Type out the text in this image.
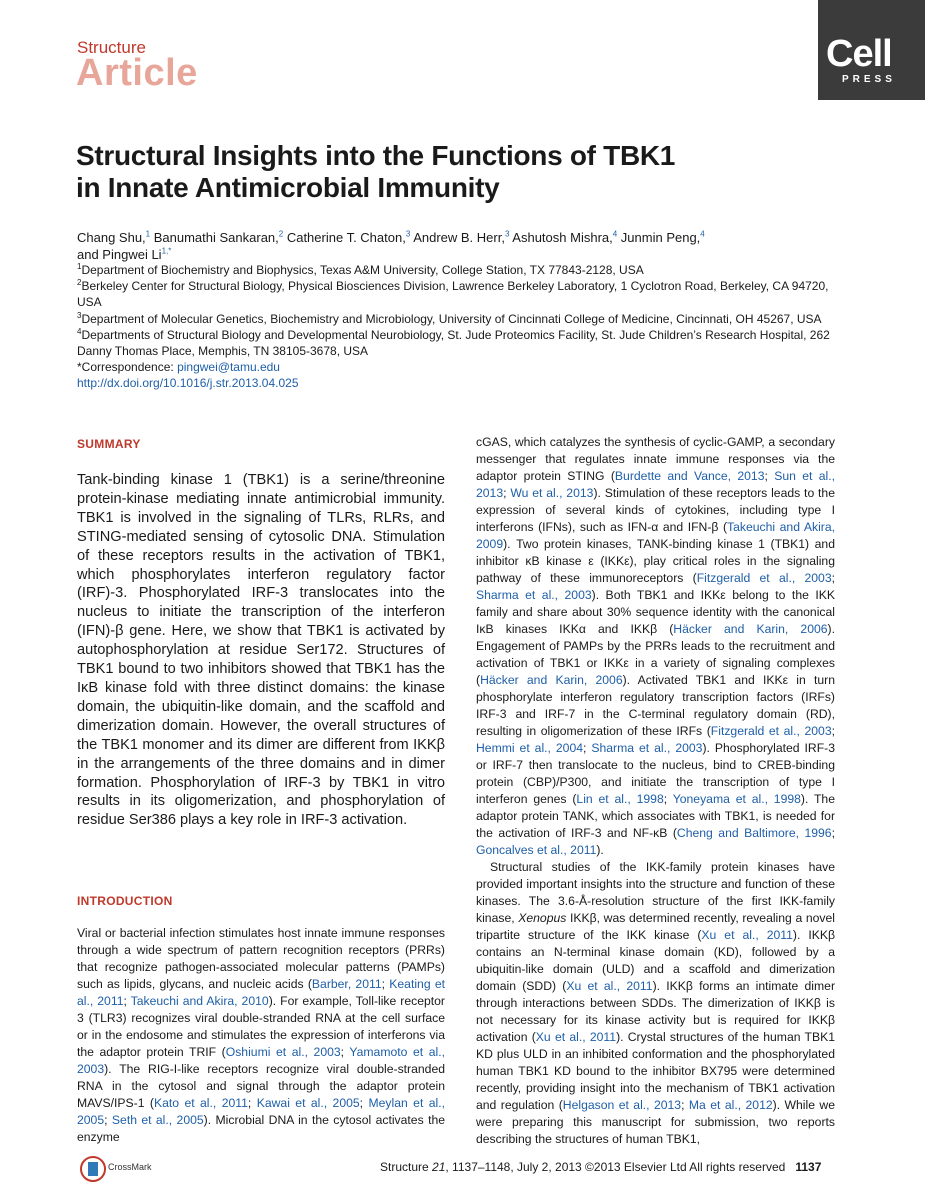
Structure
Article	Cell
PRESS
Structural Insights into the Functions of TBK1
in Innate Antimicrobial Immunity
Chang Shu,$^1$ Banumathi Sankaran,$^2$ Catherine T. Chaton,$^3$ Andrew B. Herr,$^3$ Ashutosh Mishra,$^4$ Junmin Peng,$^4$
and Pingwei $Li^{1,*}$

$^1$Department of Biochemistry and Biophysics, Texas A&M University, College Station, TX 77843-2128, USA

$^2$Berkeley Center for Structural Biology, Physical Biosciences Division, Lawrence Berkeley Laboratory, 1 Cyclotron Road, Berkeley, CA 94720, USA

$^3$Department of Molecular Genetics, Biochemistry and Microbiology, University of Cincinnati College of Medicine, Cincinnati, OH 45267, USA

$^4$Departments of Structural Biology and Developmental Neurobiology, St. Jude Proteomics Facility, St. Jude Children’s Research Hospital, 262 Danny Thomas Place, Memphis, TN 38105-3678, USA

*Correspondence: pingwei@tamu.edu

http://dx.doi.org/10.1016/j.str.2013.04.025

SUMMARY
Tank-binding kinase 1 (TBK1) is a serine/threonine protein-kinase mediating innate antimicrobial immunity. TBK1 is involved in the signaling of TLRs, RLRs, and STING-mediated sensing of cytosolic DNA. Stimulation of these receptors results in the activation of TBK1, which phosphorylates interferon regulatory factor (IRF)-3. Phosphorylated IRF-3 translocates into the nucleus to initiate the transcription of the interferon (IFN)-β gene. Here, we show that TBK1 is activated by autophosphorylation at residue Ser172. Structures of TBK1 bound to two inhibitors showed that TBK1 has the IκB kinase fold with three distinct domains: the kinase domain, the ubiquitin-like domain, and the scaffold and dimerization domain. However, the overall structures of the TBK1 monomer and its dimer are different from IKKβ in the arrangements of the three domains and in dimer formation. Phosphorylation of IRF-3 by TBK1 in vitro results in its oligomerization, and phosphorylation of residue Ser386 plays a key role in IRF-3 activation.
INTRODUCTION
Viral or bacterial infection stimulates host innate immune responses through a wide spectrum of pattern recognition receptors (PRRs) that recognize pathogen-associated molecular patterns (PAMPs) such as lipids, glycans, and nucleic acids (Barber, 2011; Keating et al., 2011; Takeuchi and Akira, 2010). For example, Toll-like receptor 3 (TLR3) recognizes viral double-stranded RNA at the cell surface or in the endosome and stimulates the expression of interferons via the adaptor protein TRIF (Oshiumi et al., 2003; Yamamoto et al., 2003). The RIG-I-like receptors recognize viral double-stranded RNA in the cytosol and signal through the adaptor protein MAVS/IPS-1 (Kato et al., 2011; Kawai et al., 2005; Meylan et al., 2005; Seth et al., 2005). Microbial DNA in the cytosol activates the enzyme

cGAS, which catalyzes the synthesis of cyclic-GAMP, a secondary messenger that regulates innate immune responses via the adaptor protein STING (Burdette and Vance, 2013; Sun et al., 2013; Wu et al., 2013). Stimulation of these receptors leads to the expression of several kinds of cytokines, including type I interferons (IFNs), such as IFN-α and IFN-β (Takeuchi and Akira, 2009). Two protein kinases, TANK-binding kinase 1 (TBK1) and inhibitor κB kinase ε (IKKε), play critical roles in the signaling pathway of these immunoreceptors (Fitzgerald et al., 2003; Sharma et al., 2003). Both TBK1 and IKKε belong to the IKK family and share about 30% sequence identity with the canonical IκB kinases IKKα and IKKβ (Häcker and Karin, 2006). Engagement of PAMPs by the PRRs leads to the recruitment and activation of TBK1 or IKKε in a variety of signaling complexes (Häcker and Karin, 2006). Activated TBK1 and IKKε in turn phosphorylate interferon regulatory transcription factors (IRFs) IRF-3 and IRF-7 in the C-terminal regulatory domain (RD), resulting in oligomerization of these IRFs (Fitzgerald et al., 2003; Hemmi et al., 2004; Sharma et al., 2003). Phosphorylated IRF-3 or IRF-7 then translocate to the nucleus, bind to CREB-binding protein (CBP)/P300, and initiate the transcription of type I interferon genes (Lin et al., 1998; Yoneyama et al., 1998). The adaptor protein TANK, which associates with TBK1, is needed for the activation of IRF-3 and NF-κB (Cheng and Baltimore, 1996; Goncalves et al., 2011).

Structural studies of the IKK-family protein kinases have provided important insights into the structure and function of these kinases. The 3.6-Å-resolution structure of the first IKK-family kinase, Xenopus IKKβ, was determined recently, revealing a novel tripartite structure of the IKK kinase (Xu et al., 2011). IKKβ contains an N-terminal kinase domain (KD), followed by a ubiquitin-like domain (ULD) and a scaffold and dimerization domain (SDD) (Xu et al., 2011). IKKβ forms an intimate dimer through interactions between SDDs. The dimerization of IKKβ is not necessary for its kinase activity but is required for IKKβ activation (Xu et al., 2011). Crystal structures of the human TBK1 KD plus ULD in an inhibited conformation and the phosphorylated human TBK1 KD bound to the inhibitor BX795 were determined recently, providing insight into the mechanism of TBK1 activation and regulation (Helgason et al., 2013; Ma et al., 2012). While we were preparing this manuscript for submission, two reports describing the structures of human TBK1,

CrossMark	Structure 21, 1137–1148, July 2, 2013 ©2013 Elsevier Ltd All rights reserved 1137
